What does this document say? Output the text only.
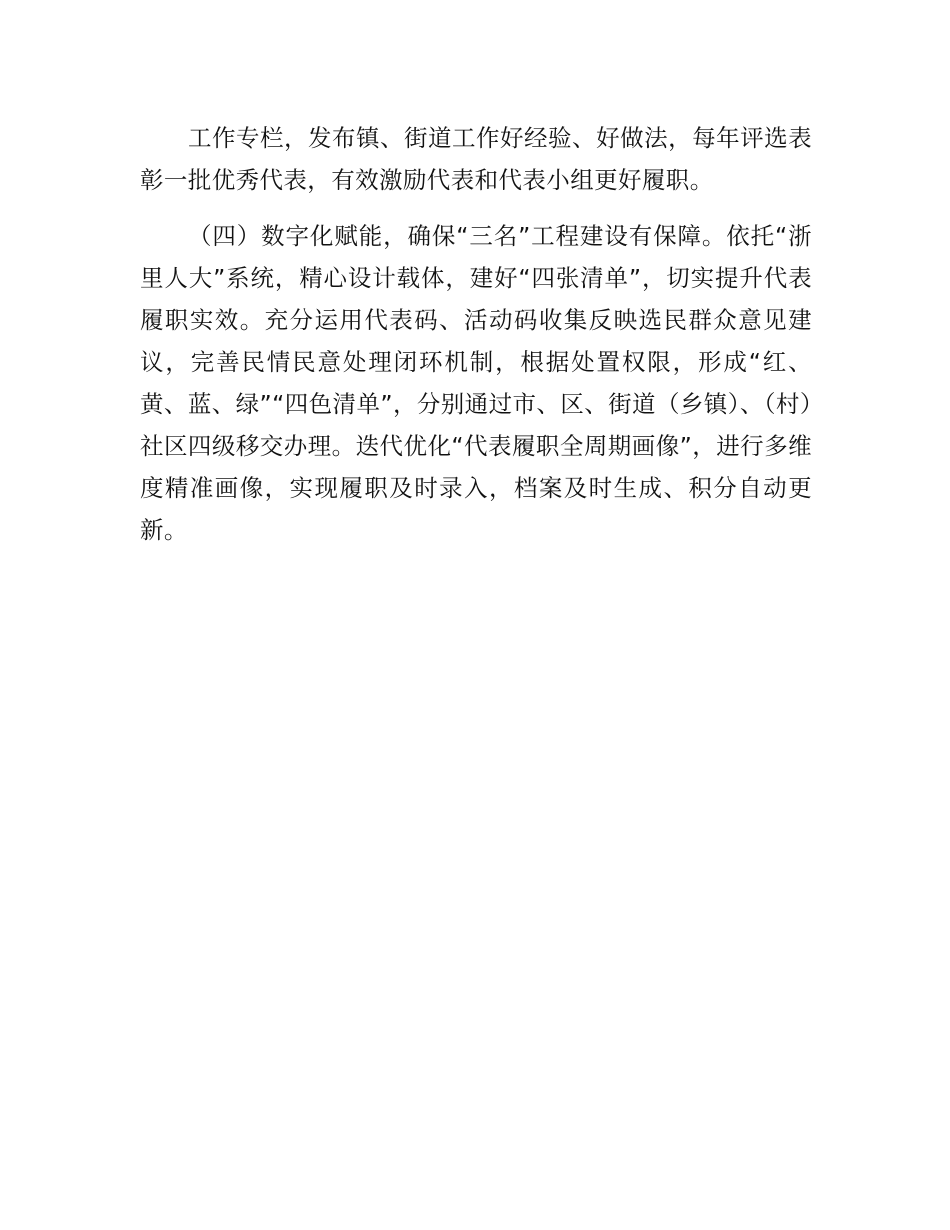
工作专栏，发布镇、街道工作好经验、好做法，每年评选表彰一批优秀代表，有效激励代表和代表小组更好履职。

（四）数字化赋能，确保“三名”工程建设有保障。依托“浙里人大”系统，精心设计载体，建好“四张清单”，切实提升代表履职实效。充分运用代表码、活动码收集反映选民群众意见建议，完善民情民意处理闭环机制，根据处置权限，形成“红、黄、蓝、绿”“四色清单”，分别通过市、区、街道（乡镇）、（村）社区四级移交办理。迭代优化“代表履职全周期画像”，进行多维度精准画像，实现履职及时录入，档案及时生成、积分自动更新。
